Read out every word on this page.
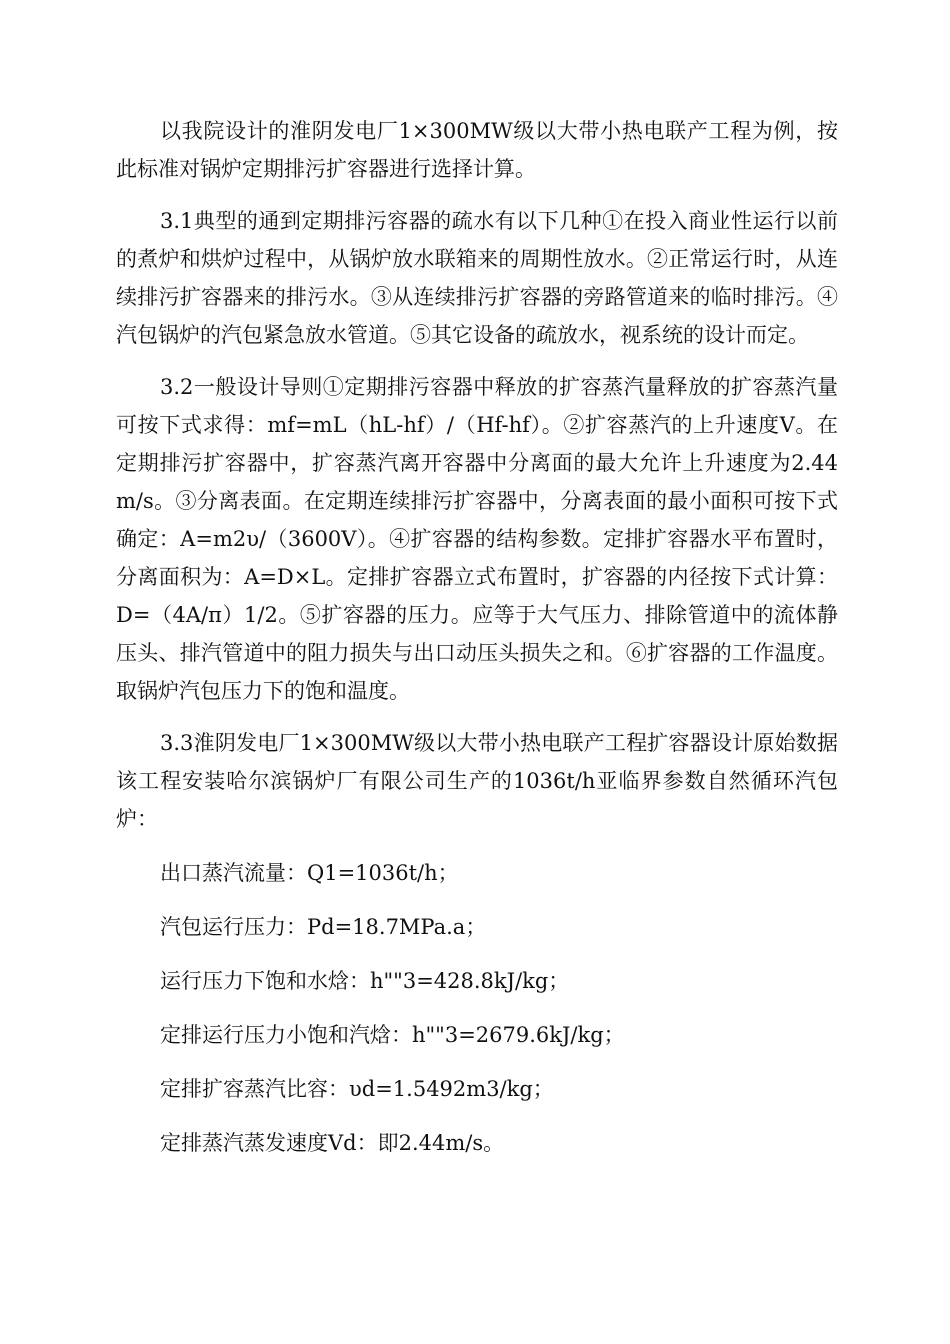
以我院设计的淮阴发电厂1×300MW级以大带小热电联产工程为例，按此标准对锅炉定期排污扩容器进行选择计算。

3.1典型的通到定期排污容器的疏水有以下几种①在投入商业性运行以前的煮炉和烘炉过程中，从锅炉放水联箱来的周期性放水。②正常运行时，从连续排污扩容器来的排污水。③从连续排污扩容器的旁路管道来的临时排污。④汽包锅炉的汽包紧急放水管道。⑤其它设备的疏放水，视系统的设计而定。

3.2一般设计导则①定期排污容器中释放的扩容蒸汽量释放的扩容蒸汽量可按下式求得：mf=mL（hL-hf）/（Hf-hf）。②扩容蒸汽的上升速度V。在定期排污扩容器中，扩容蒸汽离开容器中分离面的最大允许上升速度为2.44m/s。③分离表面。在定期连续排污扩容器中，分离表面的最小面积可按下式确定：A=m2υ/（3600V）。④扩容器的结构参数。定排扩容器水平布置时，分离面积为：A=D×L。定排扩容器立式布置时，扩容器的内径按下式计算：D=（4A/π）1/2。⑤扩容器的压力。应等于大气压力、排除管道中的流体静压头、排汽管道中的阻力损失与出口动压头损失之和。⑥扩容器的工作温度。取锅炉汽包压力下的饱和温度。

3.3淮阴发电厂1×300MW级以大带小热电联产工程扩容器设计原始数据该工程安装哈尔滨锅炉厂有限公司生产的1036t/h亚临界参数自然循环汽包炉：

出口蒸汽流量：Q1=1036t/h；

汽包运行压力：Pd=18.7MPa.a；

运行压力下饱和水焓：h""3=428.8kJ/kg；

定排运行压力小饱和汽焓：h""3=2679.6kJ/kg；

定排扩容蒸汽比容：υd=1.5492m3/kg；

定排蒸汽蒸发速度Vd：即2.44m/s。
